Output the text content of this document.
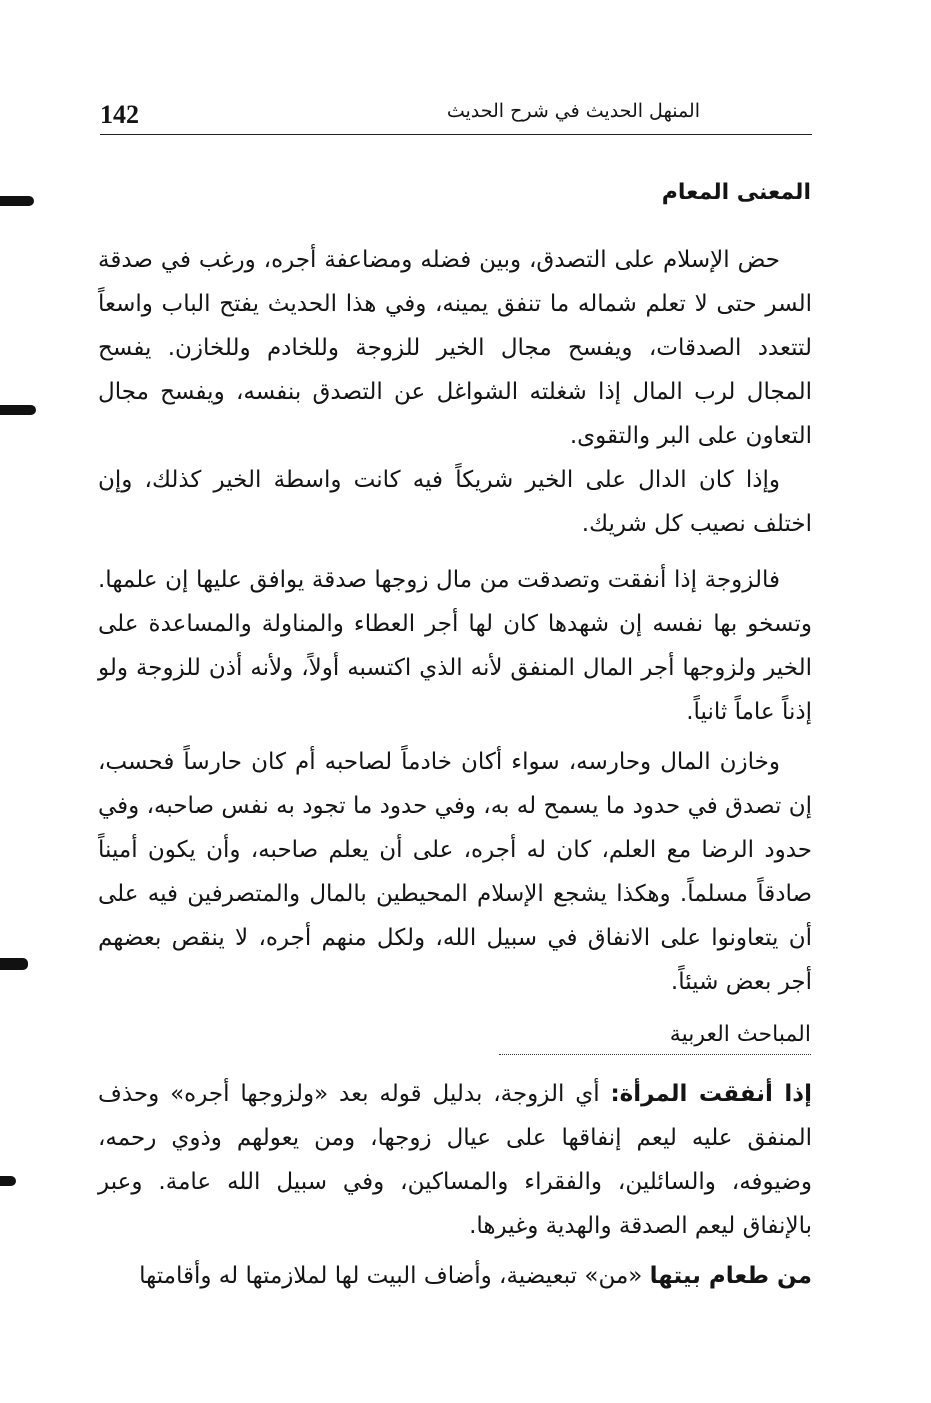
142	المنهل الحديث في شرح الحديث
المعنى المعام
حض الإسلام على التصدق، وبين فضله ومضاعفة أجره، ورغب في صدقة السر حتى لا تعلم شماله ما تنفق يمينه، وفي هذا الحديث يفتح الباب واسعاً لتتعدد الصدقات، ويفسح مجال الخير للزوجة وللخادم وللخازن. يفسح المجال لرب المال إذا شغلته الشواغل عن التصدق بنفسه، ويفسح مجال التعاون على البر والتقوى.
وإذا كان الدال على الخير شريكاً فيه كانت واسطة الخير كذلك، وإن اختلف نصيب كل شريك.
فالزوجة إذا أنفقت وتصدقت من مال زوجها صدقة يوافق عليها إن علمها. وتسخو بها نفسه إن شهدها كان لها أجر العطاء والمناولة والمساعدة على الخير ولزوجها أجر المال المنفق لأنه الذي اكتسبه أولاً، ولأنه أذن للزوجة ولو إذناً عاماً ثانياً.
وخازن المال وحارسه، سواء أكان خادماً لصاحبه أم كان حارساً فحسب، إن تصدق في حدود ما يسمح له به، وفي حدود ما تجود به نفس صاحبه، وفي حدود الرضا مع العلم، كان له أجره، على أن يعلم صاحبه، وأن يكون أميناً صادقاً مسلماً. وهكذا يشجع الإسلام المحيطين بالمال والمتصرفين فيه على أن يتعاونوا على الانفاق في سبيل الله، ولكل منهم أجره، لا ينقص بعضهم أجر بعض شيئاً.
المباحث العربية
إذا أنفقت المرأة: أي الزوجة، بدليل قوله بعد «ولزوجها أجره» وحذف المنفق عليه ليعم إنفاقها على عيال زوجها، ومن يعولهم وذوي رحمه، وضيوفه، والسائلين، والفقراء والمساكين، وفي سبيل الله عامة. وعبر بالإنفاق ليعم الصدقة والهدية وغيرها.
من طعام بيتها «من» تبعيضية، وأضاف البيت لها لملازمتها له وأقامتها
